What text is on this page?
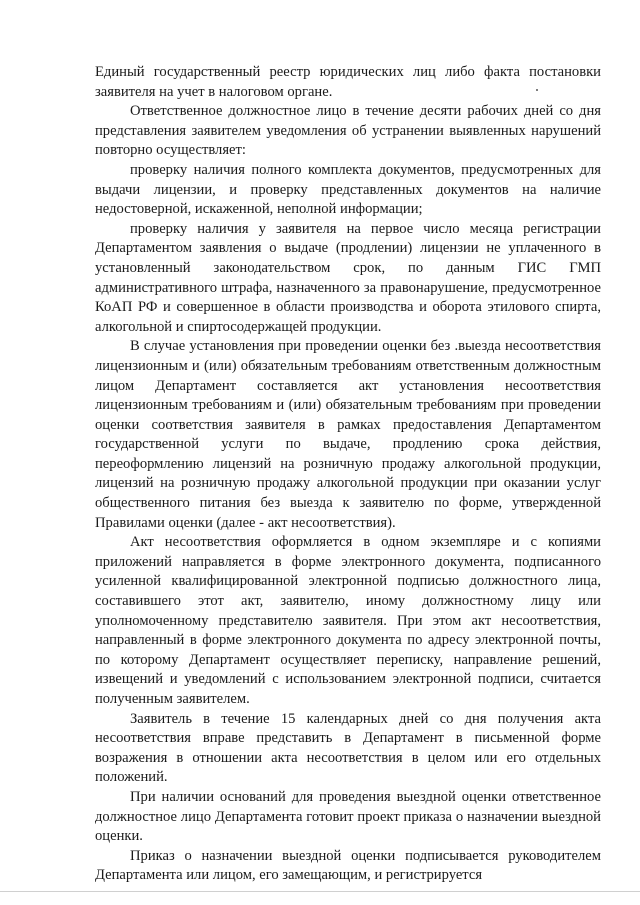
Единый государственный реестр юридических лиц либо факта постановки заявителя на учет в налоговом органе.

Ответственное должностное лицо в течение десяти рабочих дней со дня представления заявителем уведомления об устранении выявленных нарушений повторно осуществляет:

проверку наличия полного комплекта документов, предусмотренных для выдачи лицензии, и проверку представленных документов на наличие недостоверной, искаженной, неполной информации;

проверку наличия у заявителя на первое число месяца регистрации Департаментом заявления о выдаче (продлении) лицензии не уплаченного в установленный законодательством срок, по данным ГИС ГМП административного штрафа, назначенного за правонарушение, предусмотренное КоАП РФ и совершенное в области производства и оборота этилового спирта, алкогольной и спиртосодержащей продукции.

В случае установления при проведении оценки без .выезда несоответствия лицензионным и (или) обязательным требованиям ответственным должностным лицом Департамент составляется акт установления несоответствия лицензионным требованиям и (или) обязательным требованиям при проведении оценки соответствия заявителя в рамках предоставления Департаментом государственной услуги по выдаче, продлению срока действия, переоформлению лицензий на розничную продажу алкогольной продукции, лицензий на розничную продажу алкогольной продукции при оказании услуг общественного питания без выезда к заявителю по форме, утвержденной Правилами оценки (далее - акт несоответствия).

Акт несоответствия оформляется в одном экземпляре и с копиями приложений направляется в форме электронного документа, подписанного усиленной квалифицированной электронной подписью должностного лица, составившего этот акт, заявителю, иному должностному лицу или уполномоченному представителю заявителя. При этом акт несоответствия, направленный в форме электронного документа по адресу электронной почты, по которому Департамент осуществляет переписку, направление решений, извещений и уведомлений с использованием электронной подписи, считается полученным заявителем.

Заявитель в течение 15 календарных дней со дня получения акта несоответствия вправе представить в Департамент в письменной форме возражения в отношении акта несоответствия в целом или его отдельных положений.

При наличии оснований для проведения выездной оценки ответственное должностное лицо Департамента готовит проект приказа о назначении выездной оценки.

Приказ о назначении выездной оценки подписывается руководителем Департамента или лицом, его замещающим, и регистрируется
